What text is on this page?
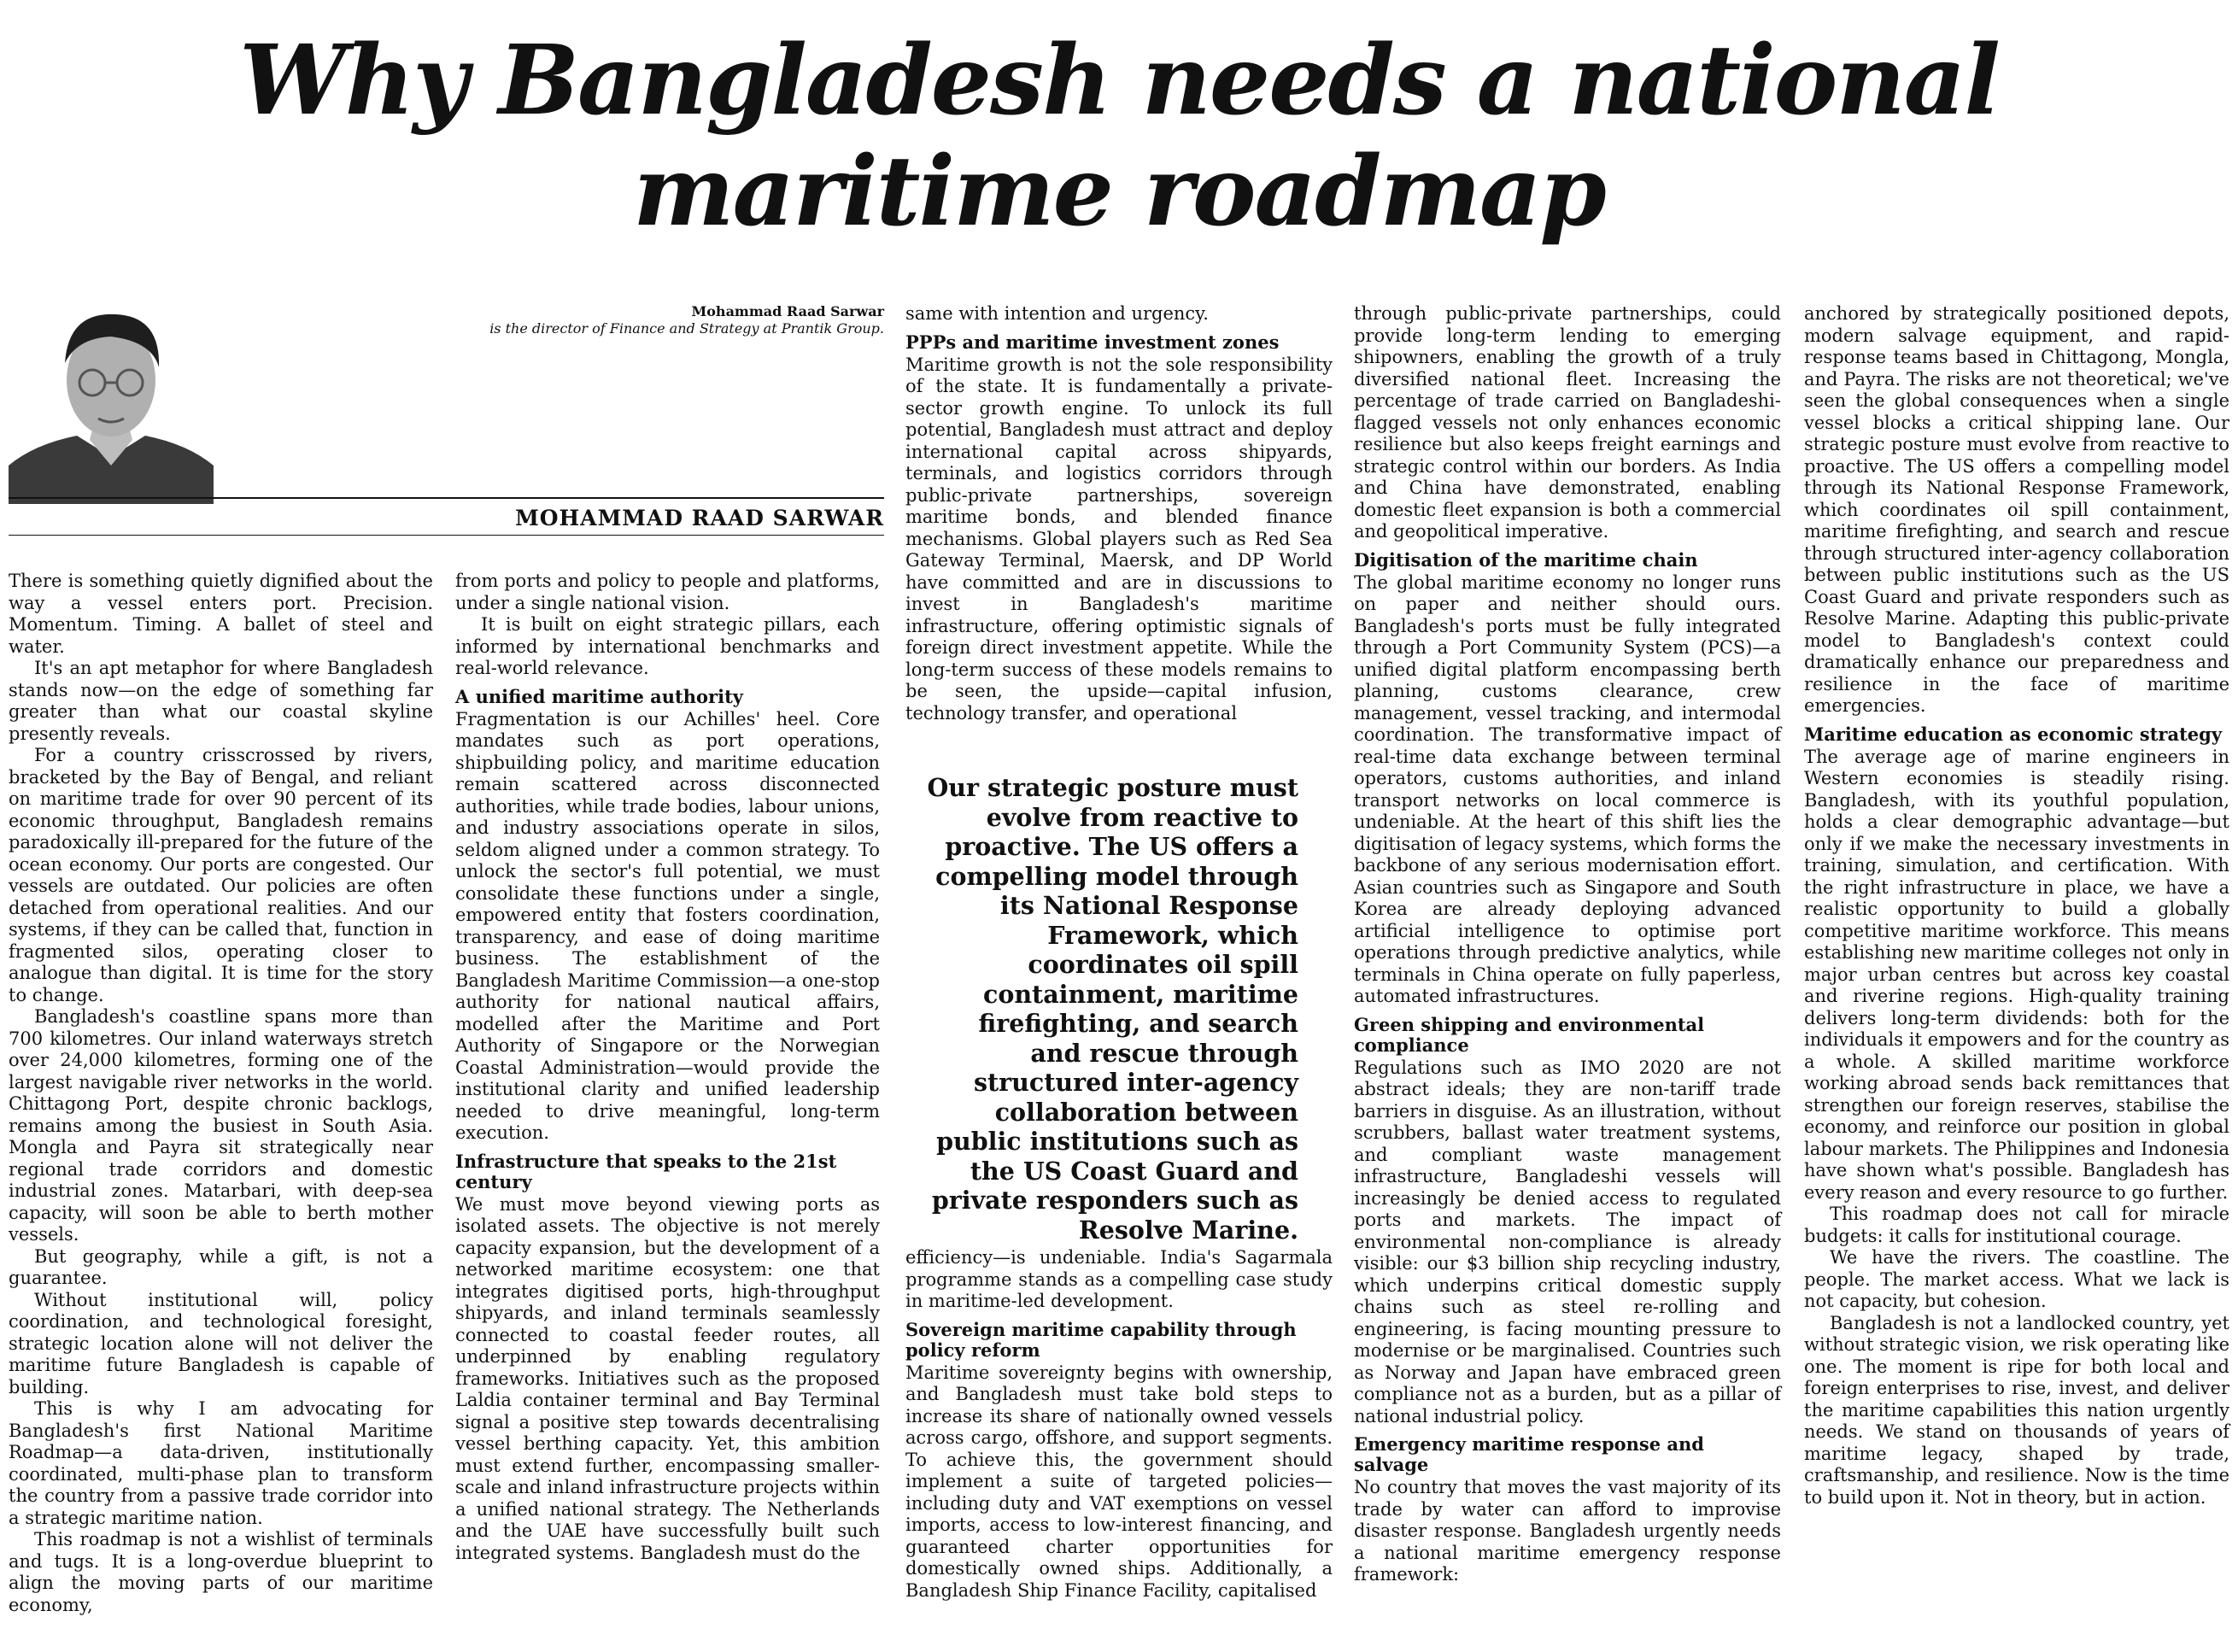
Why Bangladesh needs a national
maritime roadmap
Mohammad Raad Sarwar
is the director of Finance and Strategy at Prantik Group.
MOHAMMAD RAAD SARWAR

There is something quietly dignified about the way a vessel enters port. Precision. Momentum. Timing. A ballet of steel and water.

It's an apt metaphor for where Bangladesh stands now—on the edge of something far greater than what our coastal skyline presently reveals.

For a country crisscrossed by rivers, bracketed by the Bay of Bengal, and reliant on maritime trade for over 90 percent of its economic throughput, Bangladesh remains paradoxically ill-prepared for the future of the ocean economy. Our ports are congested. Our vessels are outdated. Our policies are often detached from operational realities. And our systems, if they can be called that, function in fragmented silos, operating closer to analogue than digital. It is time for the story to change.

Bangladesh's coastline spans more than 700 kilometres. Our inland waterways stretch over 24,000 kilometres, forming one of the largest navigable river networks in the world. Chittagong Port, despite chronic backlogs, remains among the busiest in South Asia. Mongla and Payra sit strategically near regional trade corridors and domestic industrial zones. Matarbari, with deep-sea capacity, will soon be able to berth mother vessels.

But geography, while a gift, is not a guarantee.

Without institutional will, policy coordination, and technological foresight, strategic location alone will not deliver the maritime future Bangladesh is capable of building.

This is why I am advocating for Bangladesh's first National Maritime Roadmap—a data-driven, institutionally coordinated, multi-phase plan to transform the country from a passive trade corridor into a strategic maritime nation.

This roadmap is not a wishlist of terminals and tugs. It is a long-overdue blueprint to align the moving parts of our maritime economy,

from ports and policy to people and platforms, under a single national vision.

It is built on eight strategic pillars, each informed by international benchmarks and real-world relevance.

A unified maritime authority

Fragmentation is our Achilles' heel. Core mandates such as port operations, shipbuilding policy, and maritime education remain scattered across disconnected authorities, while trade bodies, labour unions, and industry associations operate in silos, seldom aligned under a common strategy. To unlock the sector's full potential, we must consolidate these functions under a single, empowered entity that fosters coordination, transparency, and ease of doing maritime business. The establishment of the Bangladesh Maritime Commission—a one-stop authority for national nautical affairs, modelled after the Maritime and Port Authority of Singapore or the Norwegian Coastal Administration—would provide the institutional clarity and unified leadership needed to drive meaningful, long-term execution.

Infrastructure that speaks to the 21st century

We must move beyond viewing ports as isolated assets. The objective is not merely capacity expansion, but the development of a networked maritime ecosystem: one that integrates digitised ports, high-throughput shipyards, and inland terminals seamlessly connected to coastal feeder routes, all underpinned by enabling regulatory frameworks. Initiatives such as the proposed Laldia container terminal and Bay Terminal signal a positive step towards decentralising vessel berthing capacity. Yet, this ambition must extend further, encompassing smaller-scale and inland infrastructure projects within a unified national strategy. The Netherlands and the UAE have successfully built such integrated systems. Bangladesh must do the

same with intention and urgency.

PPPs and maritime investment zones

Maritime growth is not the sole responsibility of the state. It is fundamentally a private-sector growth engine. To unlock its full potential, Bangladesh must attract and deploy international capital across shipyards, terminals, and logistics corridors through public-private partnerships, sovereign maritime bonds, and blended finance mechanisms. Global players such as Red Sea Gateway Terminal, Maersk, and DP World have committed and are in discussions to invest in Bangladesh's maritime infrastructure, offering optimistic signals of foreign direct investment appetite. While the long-term success of these models remains to be seen, the upside—capital infusion, technology transfer, and operational

Our strategic posture must evolve from reactive to proactive. The US offers a compelling model through its National Response Framework, which coordinates oil spill containment, maritime firefighting, and search and rescue through structured inter-agency collaboration between public institutions such as the US Coast Guard and private responders such as Resolve Marine.

efficiency—is undeniable. India's Sagarmala programme stands as a compelling case study in maritime-led development.

Sovereign maritime capability through policy reform

Maritime sovereignty begins with ownership, and Bangladesh must take bold steps to increase its share of nationally owned vessels across cargo, offshore, and support segments. To achieve this, the government should implement a suite of targeted policies—including duty and VAT exemptions on vessel imports, access to low-interest financing, and guaranteed charter opportunities for domestically owned ships. Additionally, a Bangladesh Ship Finance Facility, capitalised

through public-private partnerships, could provide long-term lending to emerging shipowners, enabling the growth of a truly diversified national fleet. Increasing the percentage of trade carried on Bangladeshi-flagged vessels not only enhances economic resilience but also keeps freight earnings and strategic control within our borders. As India and China have demonstrated, enabling domestic fleet expansion is both a commercial and geopolitical imperative.

Digitisation of the maritime chain

The global maritime economy no longer runs on paper and neither should ours. Bangladesh's ports must be fully integrated through a Port Community System (PCS)—a unified digital platform encompassing berth planning, customs clearance, crew management, vessel tracking, and intermodal coordination. The transformative impact of real-time data exchange between terminal operators, customs authorities, and inland transport networks on local commerce is undeniable. At the heart of this shift lies the digitisation of legacy systems, which forms the backbone of any serious modernisation effort. Asian countries such as Singapore and South Korea are already deploying advanced artificial intelligence to optimise port operations through predictive analytics, while terminals in China operate on fully paperless, automated infrastructures.

Green shipping and environmental compliance

Regulations such as IMO 2020 are not abstract ideals; they are non-tariff trade barriers in disguise. As an illustration, without scrubbers, ballast water treatment systems, and compliant waste management infrastructure, Bangladeshi vessels will increasingly be denied access to regulated ports and markets. The impact of environmental non-compliance is already visible: our $3 billion ship recycling industry, which underpins critical domestic supply chains such as steel re-rolling and engineering, is facing mounting pressure to modernise or be marginalised. Countries such as Norway and Japan have embraced green compliance not as a burden, but as a pillar of national industrial policy.

Emergency maritime response and salvage

No country that moves the vast majority of its trade by water can afford to improvise disaster response. Bangladesh urgently needs a national maritime emergency response framework:

anchored by strategically positioned depots, modern salvage equipment, and rapid-response teams based in Chittagong, Mongla, and Payra. The risks are not theoretical; we've seen the global consequences when a single vessel blocks a critical shipping lane. Our strategic posture must evolve from reactive to proactive. The US offers a compelling model through its National Response Framework, which coordinates oil spill containment, maritime firefighting, and search and rescue through structured inter-agency collaboration between public institutions such as the US Coast Guard and private responders such as Resolve Marine. Adapting this public-private model to Bangladesh's context could dramatically enhance our preparedness and resilience in the face of maritime emergencies.

Maritime education as economic strategy

The average age of marine engineers in Western economies is steadily rising. Bangladesh, with its youthful population, holds a clear demographic advantage—but only if we make the necessary investments in training, simulation, and certification. With the right infrastructure in place, we have a realistic opportunity to build a globally competitive maritime workforce. This means establishing new maritime colleges not only in major urban centres but across key coastal and riverine regions. High-quality training delivers long-term dividends: both for the individuals it empowers and for the country as a whole. A skilled maritime workforce working abroad sends back remittances that strengthen our foreign reserves, stabilise the economy, and reinforce our position in global labour markets. The Philippines and Indonesia have shown what's possible. Bangladesh has every reason and every resource to go further.

This roadmap does not call for miracle budgets: it calls for institutional courage.

We have the rivers. The coastline. The people. The market access. What we lack is not capacity, but cohesion.

Bangladesh is not a landlocked country, yet without strategic vision, we risk operating like one. The moment is ripe for both local and foreign enterprises to rise, invest, and deliver the maritime capabilities this nation urgently needs. We stand on thousands of years of maritime legacy, shaped by trade, craftsmanship, and resilience. Now is the time to build upon it. Not in theory, but in action.
